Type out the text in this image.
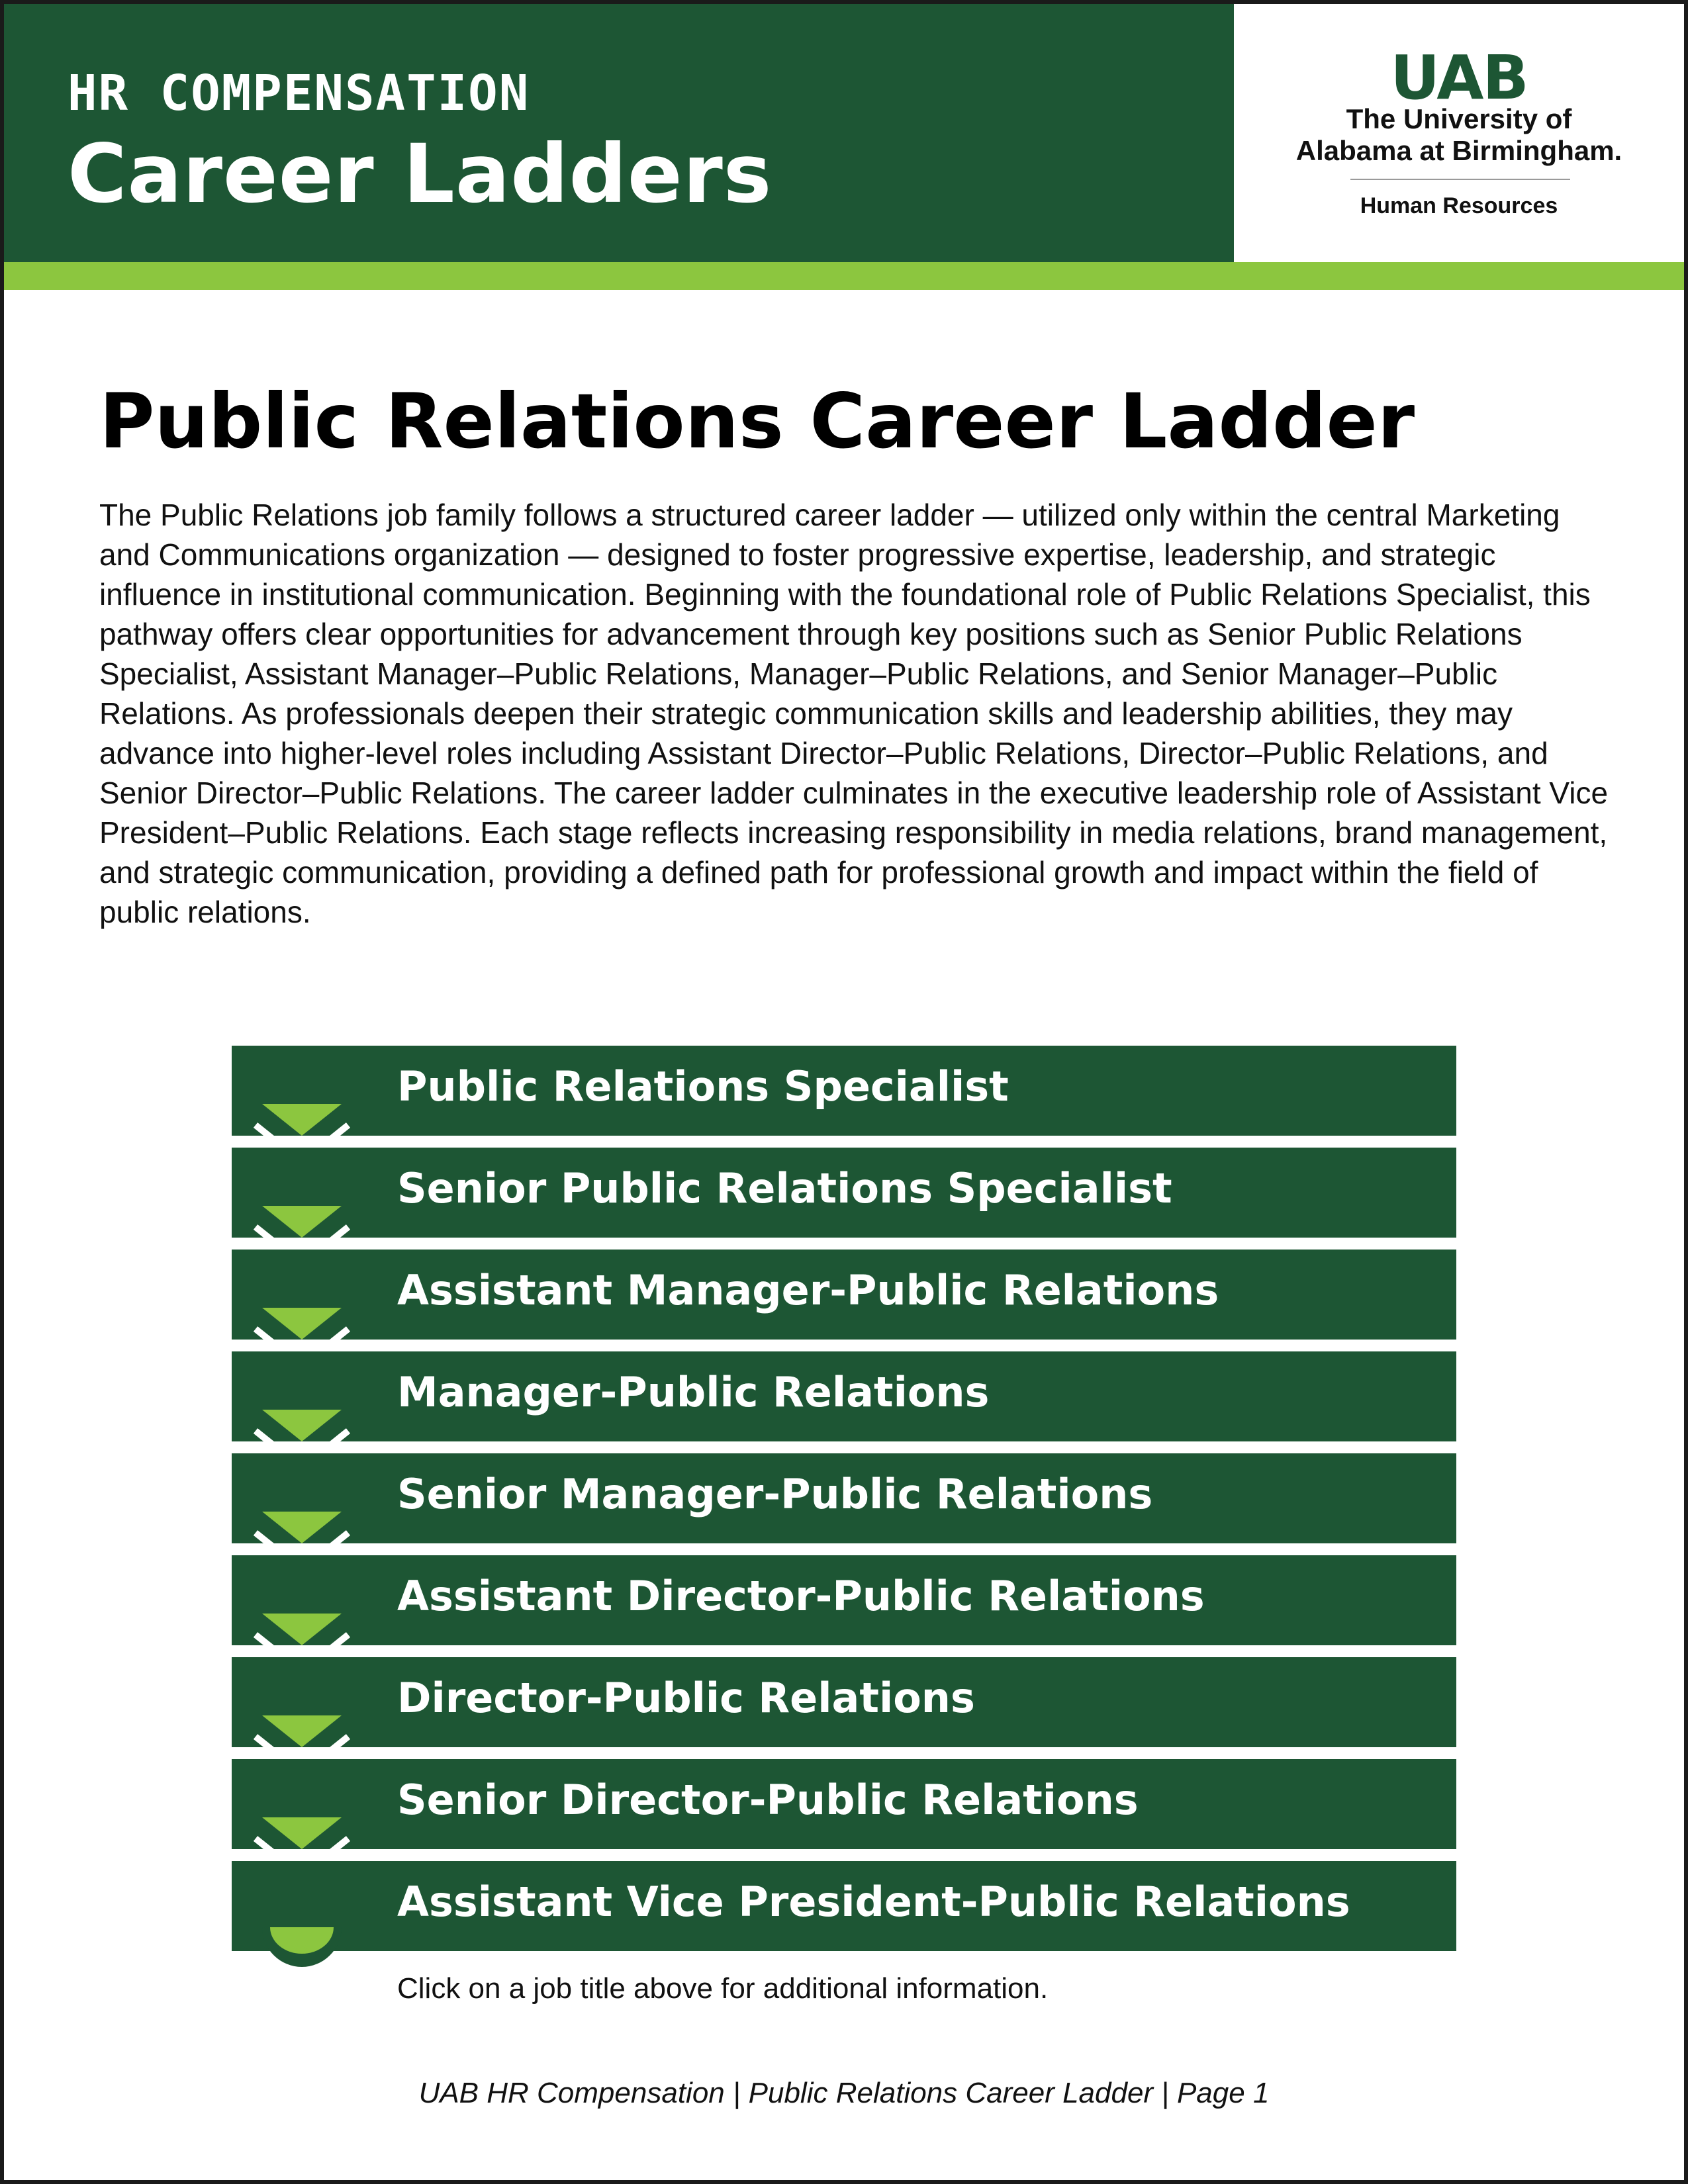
HR COMPENSATION
Career Ladders
UAB
The University of
Alabama at Birmingham.
Human Resources
Public Relations Career Ladder

The Public Relations job family follows a structured career ladder — utilized only within the central Marketing and Communications organization — designed to foster progressive expertise, leadership, and strategic influence in institutional communication. Beginning with the foundational role of Public Relations Specialist, this pathway offers clear opportunities for advancement through key positions such as Senior Public Relations Specialist, Assistant Manager–Public Relations, Manager–Public Relations, and Senior Manager–Public Relations. As professionals deepen their strategic communication skills and leadership abilities, they may advance into higher-level roles including Assistant Director–Public Relations, Director–Public Relations, and Senior Director–Public Relations. The career ladder culminates in the executive leadership role of Assistant Vice President–Public Relations. Each stage reflects increasing responsibility in media relations, brand management, and strategic communication, providing a defined path for professional growth and impact within the field of public relations.

Public Relations Specialist
Senior Public Relations Specialist
Assistant Manager-Public Relations
Manager-Public Relations
Senior Manager-Public Relations
Assistant Director-Public Relations
Director-Public Relations
Senior Director-Public Relations
Assistant Vice President-Public Relations
Click on a job title above for additional information.
UAB HR Compensation | Public Relations Career Ladder | Page 1
